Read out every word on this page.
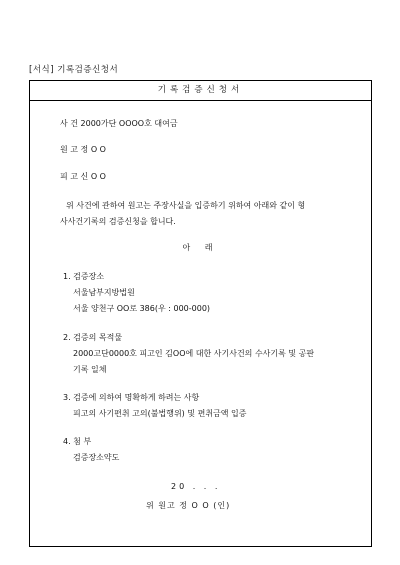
[서식] 기록검증신청서
기록검증신청서
사 건 2000가단 OOOO호 대여금
원 고 정 O O
피 고 신 O O
위 사건에 관하여 원고는 주장사실을 입증하기 위하여 아래와 같이 형
사사건기록의 검증신청을 합니다.
아 래
1. 검증장소
서울남부지방법원
서울 양천구 OO로 386(우 : 000-000)
2. 검증의 목적물
2000고단0000호 피고인 김OO에 대한 사기사건의 수사기록 및 공판
기록 일체
3. 검증에 의하여 명확하게 하려는 사항
피고의 사기편취 고의(불법행위) 및 편취금액 입증
4. 첨 부
검증장소약도
20 . . .
위 원고 정 O O (인)
